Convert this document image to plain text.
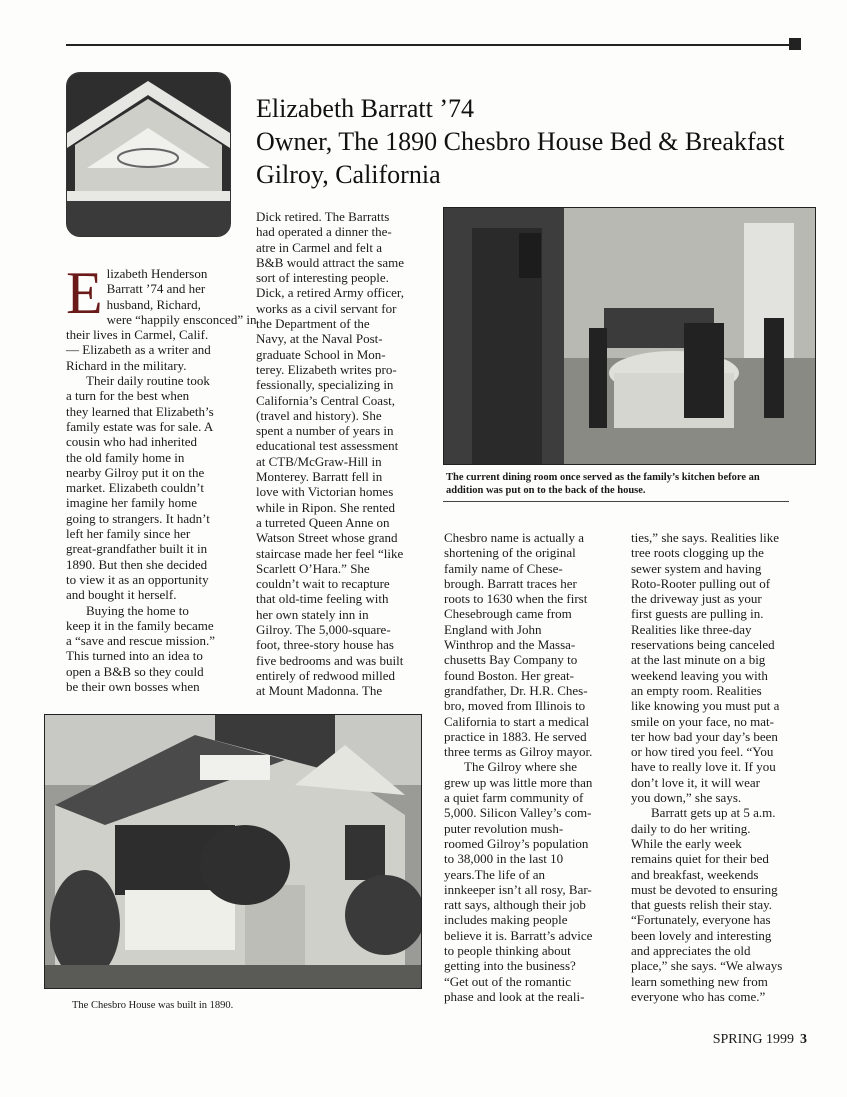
Elizabeth Barratt ’74
Owner, The 1890 Chesbro House Bed & Breakfast
Gilroy, California

E lizabeth Henderson
Barratt ’74 and her
husband, Richard,
were “happily ensconced” in
their lives in Carmel, Calif.
— Elizabeth as a writer and
Richard in the military.

Their daily routine took
a turn for the best when
they learned that Elizabeth’s
family estate was for sale. A
cousin who had inherited
the old family home in
nearby Gilroy put it on the
market. Elizabeth couldn’t
imagine her family home
going to strangers. It hadn’t
left her family since her
great-grandfather built it in
1890. But then she decided
to view it as an opportunity
and bought it herself.

Buying the home to
keep it in the family became
a “save and rescue mission.”
This turned into an idea to
open a B&B so they could
be their own bosses when

Dick retired. The Barratts
had operated a dinner the-
atre in Carmel and felt a
B&B would attract the same
sort of interesting people.
Dick, a retired Army officer,
works as a civil servant for
the Department of the
Navy, at the Naval Post-
graduate School in Mon-
terey. Elizabeth writes pro-
fessionally, specializing in
California’s Central Coast,
(travel and history). She
spent a number of years in
educational test assessment
at CTB/McGraw-Hill in
Monterey. Barratt fell in
love with Victorian homes
while in Ripon. She rented
a turreted Queen Anne on
Watson Street whose grand
staircase made her feel “like
Scarlett O’Hara.” She
couldn’t wait to recapture
that old-time feeling with
her own stately inn in
Gilroy. The 5,000-square-
foot, three-story house has
five bedrooms and was built
entirely of redwood milled
at Mount Madonna. The

The current dining room once served as the family’s kitchen before an
addition was put on to the back of the house.

Chesbro name is actually a
shortening of the original
family name of Chese-
brough. Barratt traces her
roots to 1630 when the first
Chesebrough came from
England with John
Winthrop and the Massa-
chusetts Bay Company to
found Boston. Her great-
grandfather, Dr. H.R. Ches-
bro, moved from Illinois to
California to start a medical
practice in 1883. He served
three terms as Gilroy mayor.

The Gilroy where she
grew up was little more than
a quiet farm community of
5,000. Silicon Valley’s com-
puter revolution mush-
roomed Gilroy’s population
to 38,000 in the last 10
years.The life of an
innkeeper isn’t all rosy, Bar-
ratt says, although their job
includes making people
believe it is. Barratt’s advice
to people thinking about
getting into the business?
“Get out of the romantic
phase and look at the reali-

ties,” she says. Realities like
tree roots clogging up the
sewer system and having
Roto-Rooter pulling out of
the driveway just as your
first guests are pulling in.
Realities like three-day
reservations being canceled
at the last minute on a big
weekend leaving you with
an empty room. Realities
like knowing you must put a
smile on your face, no mat-
ter how bad your day’s been
or how tired you feel. “You
have to really love it. If you
don’t love it, it will wear
you down,” she says.

Barratt gets up at 5 a.m.
daily to do her writing.
While the early week
remains quiet for their bed
and breakfast, weekends
must be devoted to ensuring
that guests relish their stay.
“Fortunately, everyone has
been lovely and interesting
and appreciates the old
place,” she says. “We always
learn something new from
everyone who has come.”

The Chesbro House was built in 1890.
SPRING 1999 3
